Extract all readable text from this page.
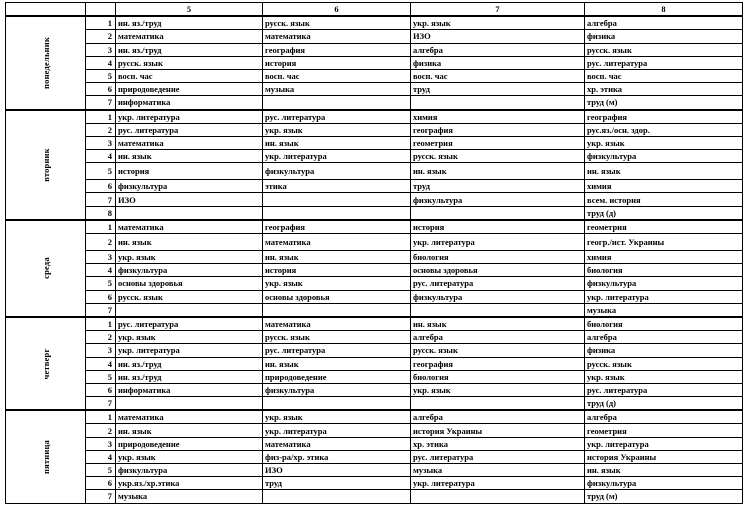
		5	6	7	8

понедельник	1	ин. яз./труд	русск. язык	укр. язык	алгебра
	2	математика	математика	ИЗО	физика
	3	ин. яз./труд	география	алгебра	русск. язык
	4	русск. язык	история	физика	рус. литература
	5	восп. час	восп. час	восп. час	восп. час
	6	природоведение	музыка	труд	хр. этика
	7	информатика			труд (м)

вторник	1	укр. литература	рус. литература	химия	география
	2	рус. литература	укр. язык	география	рус.яз./осн. здор.
	3	математика	ин. язык	геометрия	укр. язык
	4	ин. язык	укр. литература	русск. язык	физкультура
	5	история	физкультура	ин. язык	ин. язык
	6	физкультура	этика	труд	химия
	7	ИЗО		физкультура	всем. история
	8				труд (д)

среда	1	математика	география	история	геометрия
	2	ин. язык	математика	укр. литература	геогр./ист. Украины
	3	укр. язык	ин. язык	биология	химия
	4	физкультура	история	основы здоровья	биология
	5	основы здоровья	укр. язык	рус. литература	физкультура
	6	русск. язык	основы здоровья	физкультура	укр. литература
	7				музыка

четверг	1	рус. литература	математика	ин. язык	биология
	2	укр. язык	русск. язык	алгебра	алгебра
	3	укр. литература	рус. литература	русск. язык	физика
	4	ин. яз./труд	ин. язык	география	русск. язык
	5	ин. яз./труд	природоведение	биология	укр. язык
	6	информатика	физкультура	укр. язык	рус. литература
	7				труд (д)

пятница	1	математика	укр. язык	алгебра	алгебра
	2	ин. язык	укр. литература	история Украины	геометрия
	3	природоведение	математика	хр. этика	укр. литература
	4	укр. язык	физ-ра/хр. этика	рус. литература	история Украины
	5	физкультура	ИЗО	музыка	ин. язык
	6	укр.яз./хр.этика	труд	укр. литература	физкультура
	7	музыка			труд (м)
